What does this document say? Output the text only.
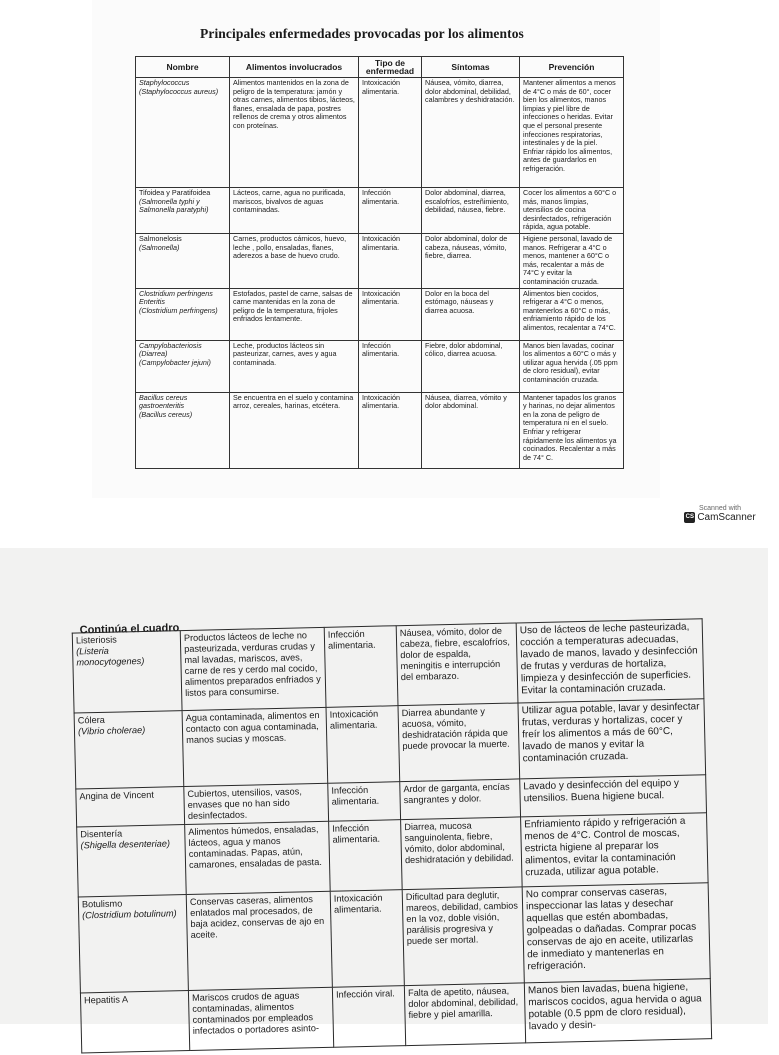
Principales enfermedades provocadas por los alimentos
Nombre	Alimentos involucrados	Tipo de enfermedad	Síntomas	Prevención
Staphylococcus
(Staphylococcus aureus)	Alimentos mantenidos en la zona de peligro de la temperatura: jamón y otras carnes, alimentos tibios, lácteos, flanes, ensalada de papa, postres rellenos de crema y otros alimentos con proteínas.	Intoxicación alimentaria.	Náusea, vómito, diarrea, dolor abdominal, debilidad, calambres y deshidratación.	Mantener alimentos a menos de 4°C o más de 60°, cocer bien los alimentos, manos limpias y piel libre de infecciones o heridas. Evitar que el personal presente infecciones respiratorias, intestinales y de la piel. Enfriar rápido los alimentos, antes de guardarlos en refrigeración.
Tifoidea y Paratifoidea
(Salmonella typhi y Salmonella paratyphi)	Lácteos, carne, agua no purificada, mariscos, bivalvos de aguas contaminadas.	Infección alimentaria.	Dolor abdominal, diarrea, escalofríos, estreñimiento, debilidad, náusea, fiebre.	Cocer los alimentos a 60°C o más, manos limpias, utensilios de cocina desinfectados, refrigeración rápida, agua potable.
Salmonelosis
(Salmonella)	Carnes, productos cárnicos, huevo, leche , pollo, ensaladas, flanes, aderezos a base de huevo crudo.	Intoxicación alimentaria.	Dolor abdominal, dolor de cabeza, náuseas, vómito, fiebre, diarrea.	Higiene personal, lavado de manos. Refrigerar a 4°C o menos, mantener a 60°C o más, recalentar a más de 74°C y evitar la contaminación cruzada.
Clostridium perfringens Enteritis
(Clostridium perfringens)	Estofados, pastel de carne, salsas de carne mantenidas en la zona de peligro de la temperatura, frijoles enfriados lentamente.	Intoxicación alimentaria.	Dolor en la boca del estómago, náuseas y diarrea acuosa.	Alimentos bien cocidos, refrigerar a 4°C o menos, mantenerlos a 60°C o más, enfriamiento rápido de los alimentos, recalentar a 74°C.
Campylobacteriosis (Diarrea)
(Campylobacter jejuni)	Leche, productos lácteos sin pasteurizar, carnes, aves y agua contaminada.	Infección alimentaria.	Fiebre, dolor abdominal, cólico, diarrea acuosa.	Manos bien lavadas, cocinar los alimentos a 60°C o más y utilizar agua hervida (.05 ppm de cloro residual), evitar contaminación cruzada.
Bacillus cereus gastroenteritis
(Bacillus cereus)	Se encuentra en el suelo y contamina arroz, cereales, harinas, etcétera.	Intoxicación alimentaria.	Náusea, diarrea, vómito y dolor abdominal.	Mantener tapados los granos y harinas, no dejar alimentos en la zona de peligro de temperatura ni en el suelo. Enfriar y refrigerar rápidamente los alimentos ya cocinados. Recalentar a más de 74° C.
Scanned with
CS CamScanner
Continúa el cuadro
Listeriosis
(Listeria monocytogenes)	Productos lácteos de leche no pasteurizada, verduras crudas y mal lavadas, mariscos, aves, carne de res y cerdo mal cocido, alimentos preparados enfriados y listos para consumirse.	Infección alimentaria.	Náusea, vómito, dolor de cabeza, fiebre, escalofríos, dolor de espalda, meningitis e interrupción del embarazo.	Uso de lácteos de leche pasteurizada, cocción a temperaturas adecuadas, lavado de manos, lavado y desinfección de frutas y verduras de hortaliza, limpieza y desinfección de superficies. Evitar la contaminación cruzada.
Cólera
(Vibrio cholerae)	Agua contaminada, alimentos en contacto con agua contaminada, manos sucias y moscas.	Intoxicación alimentaria.	Diarrea abundante y acuosa, vómito, deshidratación rápida que puede provocar la muerte.	Utilizar agua potable, lavar y desinfectar frutas, verduras y hortalizas, cocer y freír los alimentos a más de 60°C, lavado de manos y evitar la contaminación cruzada.
Angina de Vincent	Cubiertos, utensilios, vasos, envases que no han sido desinfectados.	Infección alimentaria.	Ardor de garganta, encías sangrantes y dolor.	Lavado y desinfección del equipo y utensilios. Buena higiene bucal.
Disentería
(Shigella desenteriae)	Alimentos húmedos, ensaladas, lácteos, agua y manos contaminadas. Papas, atún, camarones, ensaladas de pasta.	Infección alimentaria.	Diarrea, mucosa sanguinolenta, fiebre, vómito, dolor abdominal, deshidratación y debilidad.	Enfriamiento rápido y refrigeración a menos de 4°C. Control de moscas, estricta higiene al preparar los alimentos, evitar la contaminación cruzada, utilizar agua potable.
Botulismo
(Clostridium botulinum)	Conservas caseras, alimentos enlatados mal procesados, de baja acidez, conservas de ajo en aceite.	Intoxicación alimentaria.	Dificultad para deglutir, mareos, debilidad, cambios en la voz, doble visión, parálisis progresiva y puede ser mortal.	No comprar conservas caseras, inspeccionar las latas y desechar aquellas que estén abombadas, golpeadas o dañadas. Comprar pocas conservas de ajo en aceite, utilizarlas de inmediato y mantenerlas en refrigeración.
Hepatitis A	Mariscos crudos de aguas contaminadas, alimentos contaminados por empleados infectados o portadores asinto-	Infección viral.	Falta de apetito, náusea, dolor abdominal, debilidad, fiebre y piel amarilla.	Manos bien lavadas, buena higiene, mariscos cocidos, agua hervida o agua potable (0.5 ppm de cloro residual), lavado y desin-
